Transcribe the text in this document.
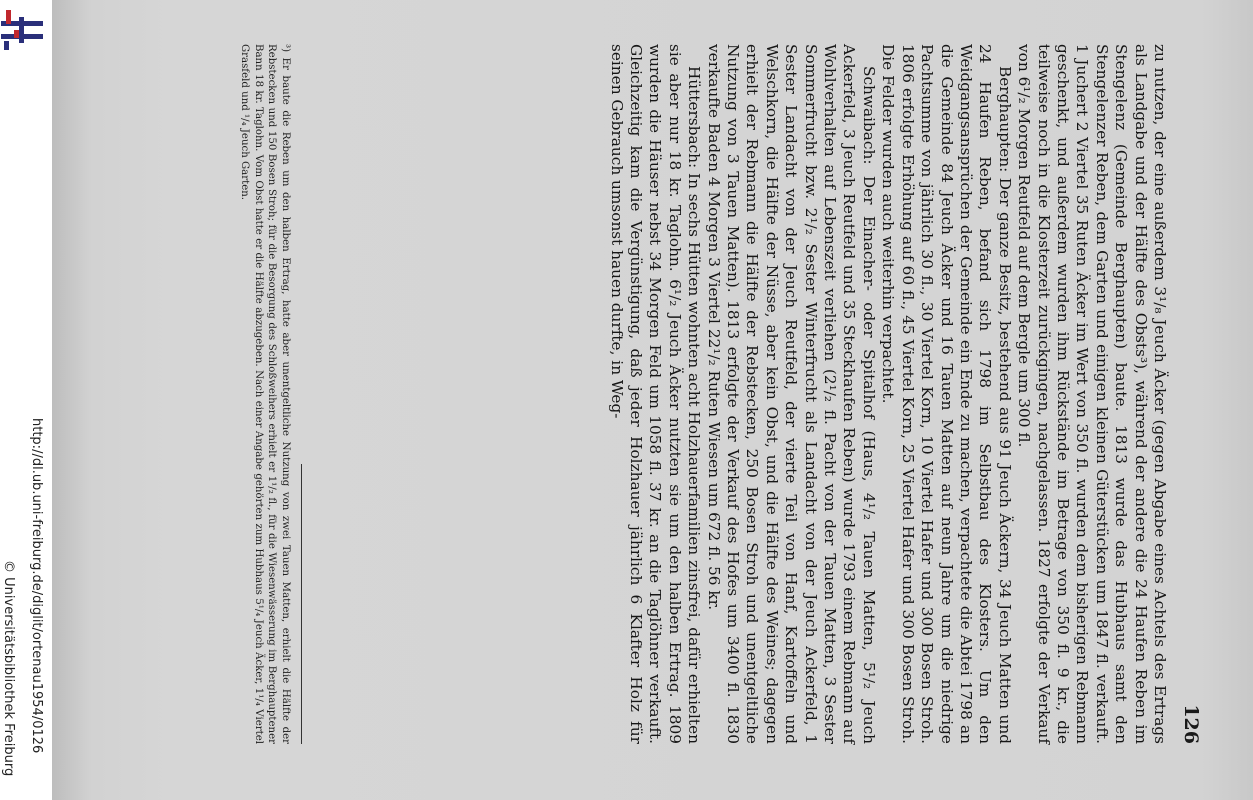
http://dl.ub.uni-freiburg.de/diglit/ortenau1954/0126
© Universitätsbibliothek Freiburg	126

zu nutzen, der eine außerdem 3¹/₈ Jeuch Äcker (gegen Abgabe eines Achtels des Ertrags als Landgabe und der Hälfte des Obsts³), während der andere die 24 Haufen Reben im Stengelenz (Gemeinde Berghaupten) baute. 1813 wurde das Hubhaus samt den Stengelenzer Reben, dem Garten und einigen kleinen Güterstücken um 1847 fl. verkauft. 1 Juchert 2 Viertel 35 Ruten Äcker im Wert von 350 fl. wurden dem bisherigen Rebmann geschenkt, und außerdem wurden ihm Rückstände im Betrage von 350 fl. 9 kr., die teilweise noch in die Klosterzeit zurückgingen, nachgelassen. 1827 erfolgte der Verkauf von 6¹/₂ Morgen Reutfeld auf dem Bergle um 300 fl.

Berghaupten: Der ganze Besitz, bestehend aus 91 Jeuch Äckern, 34 Jeuch Matten und 24 Haufen Reben, befand sich 1798 im Selbstbau des Klosters. Um den Weidgangsansprüchen der Gemeinde ein Ende zu machen, verpachtete die Abtei 1798 an die Gemeinde 84 Jeuch Äcker und 16 Tauen Matten auf neun Jahre um die niedrige Pachtsumme von jährlich 30 fl., 30 Viertel Korn, 10 Viertel Hafer und 300 Bosen Stroh. 1806 erfolgte Erhöhung auf 60 fl., 45 Viertel Korn, 25 Viertel Hafer und 300 Bosen Stroh. Die Felder wurden auch weiterhin verpachtet.

Schwaibach: Der Einacher- oder Spitalhof (Haus, 4¹/₂ Tauen Matten, 5¹/₂ Jeuch Ackerfeld, 3 Jeuch Reutfeld und 35 Steckhaufen Reben) wurde 1793 einem Rebmann auf Wohlverhalten auf Lebenszeit verliehen (2¹/₂ fl. Pacht von der Tauen Matten, 3 Sester Sommerfrucht bzw. 2¹/₂ Sester Winterfrucht als Landacht von der Jeuch Ackerfeld, 1 Sester Landacht von der Jeuch Reutfeld, der vierte Teil von Hanf, Kartoffeln und Welschkorn, die Hälfte der Nüsse, aber kein Obst, und die Hälfte des Weines; dagegen erhielt der Rebmann die Hälfte der Rebstecken, 250 Bosen Stroh und unentgeltliche Nutzung von 3 Tauen Matten). 1813 erfolgte der Verkauf des Hofes um 3400 fl. 1830 verkaufte Baden 4 Morgen 3 Viertel 22¹/₂ Ruten Wiesen um 672 fl. 56 kr.

Hüttersbach: In sechs Hütten wohnten acht Holzhauerfamilien zinsfrei, dafür erhielten sie aber nur 18 kr. Taglohn. 6¹/₂ Jeuch Äcker nutzten sie um den halben Ertrag. 1809 wurden die Häuser nebst 34 Morgen Feld um 1058 fl. 37 kr. an die Taglöhner verkauft. Gleichzeitig kam die Vergünstigung, daß jeder Holzhauer jährlich 6 Klafter Holz für seinen Gebrauch umsonst hauen durfte, in Weg-

³) Er baute die Reben um den halben Ertrag, hatte aber unentgeltliche Nutzung von zwei Tauen Matten, erhielt die Hälfte der Rebstecken und 150 Bosen Stroh; für die Besorgung des Schloßweihers erhielt er 1¹/₂ fl., für die Wiesenwässerung im Berghauptener Bann 18 kr. Taglohn. Vom Obst hatte er die Hälfte abzugeben. Nach einer Angabe gehörten zum Hubhaus 5¹/₄ Jeuch Äcker, 1¹/₄ Viertel Grasfeld und ¹/₄ Jeuch Garten.
